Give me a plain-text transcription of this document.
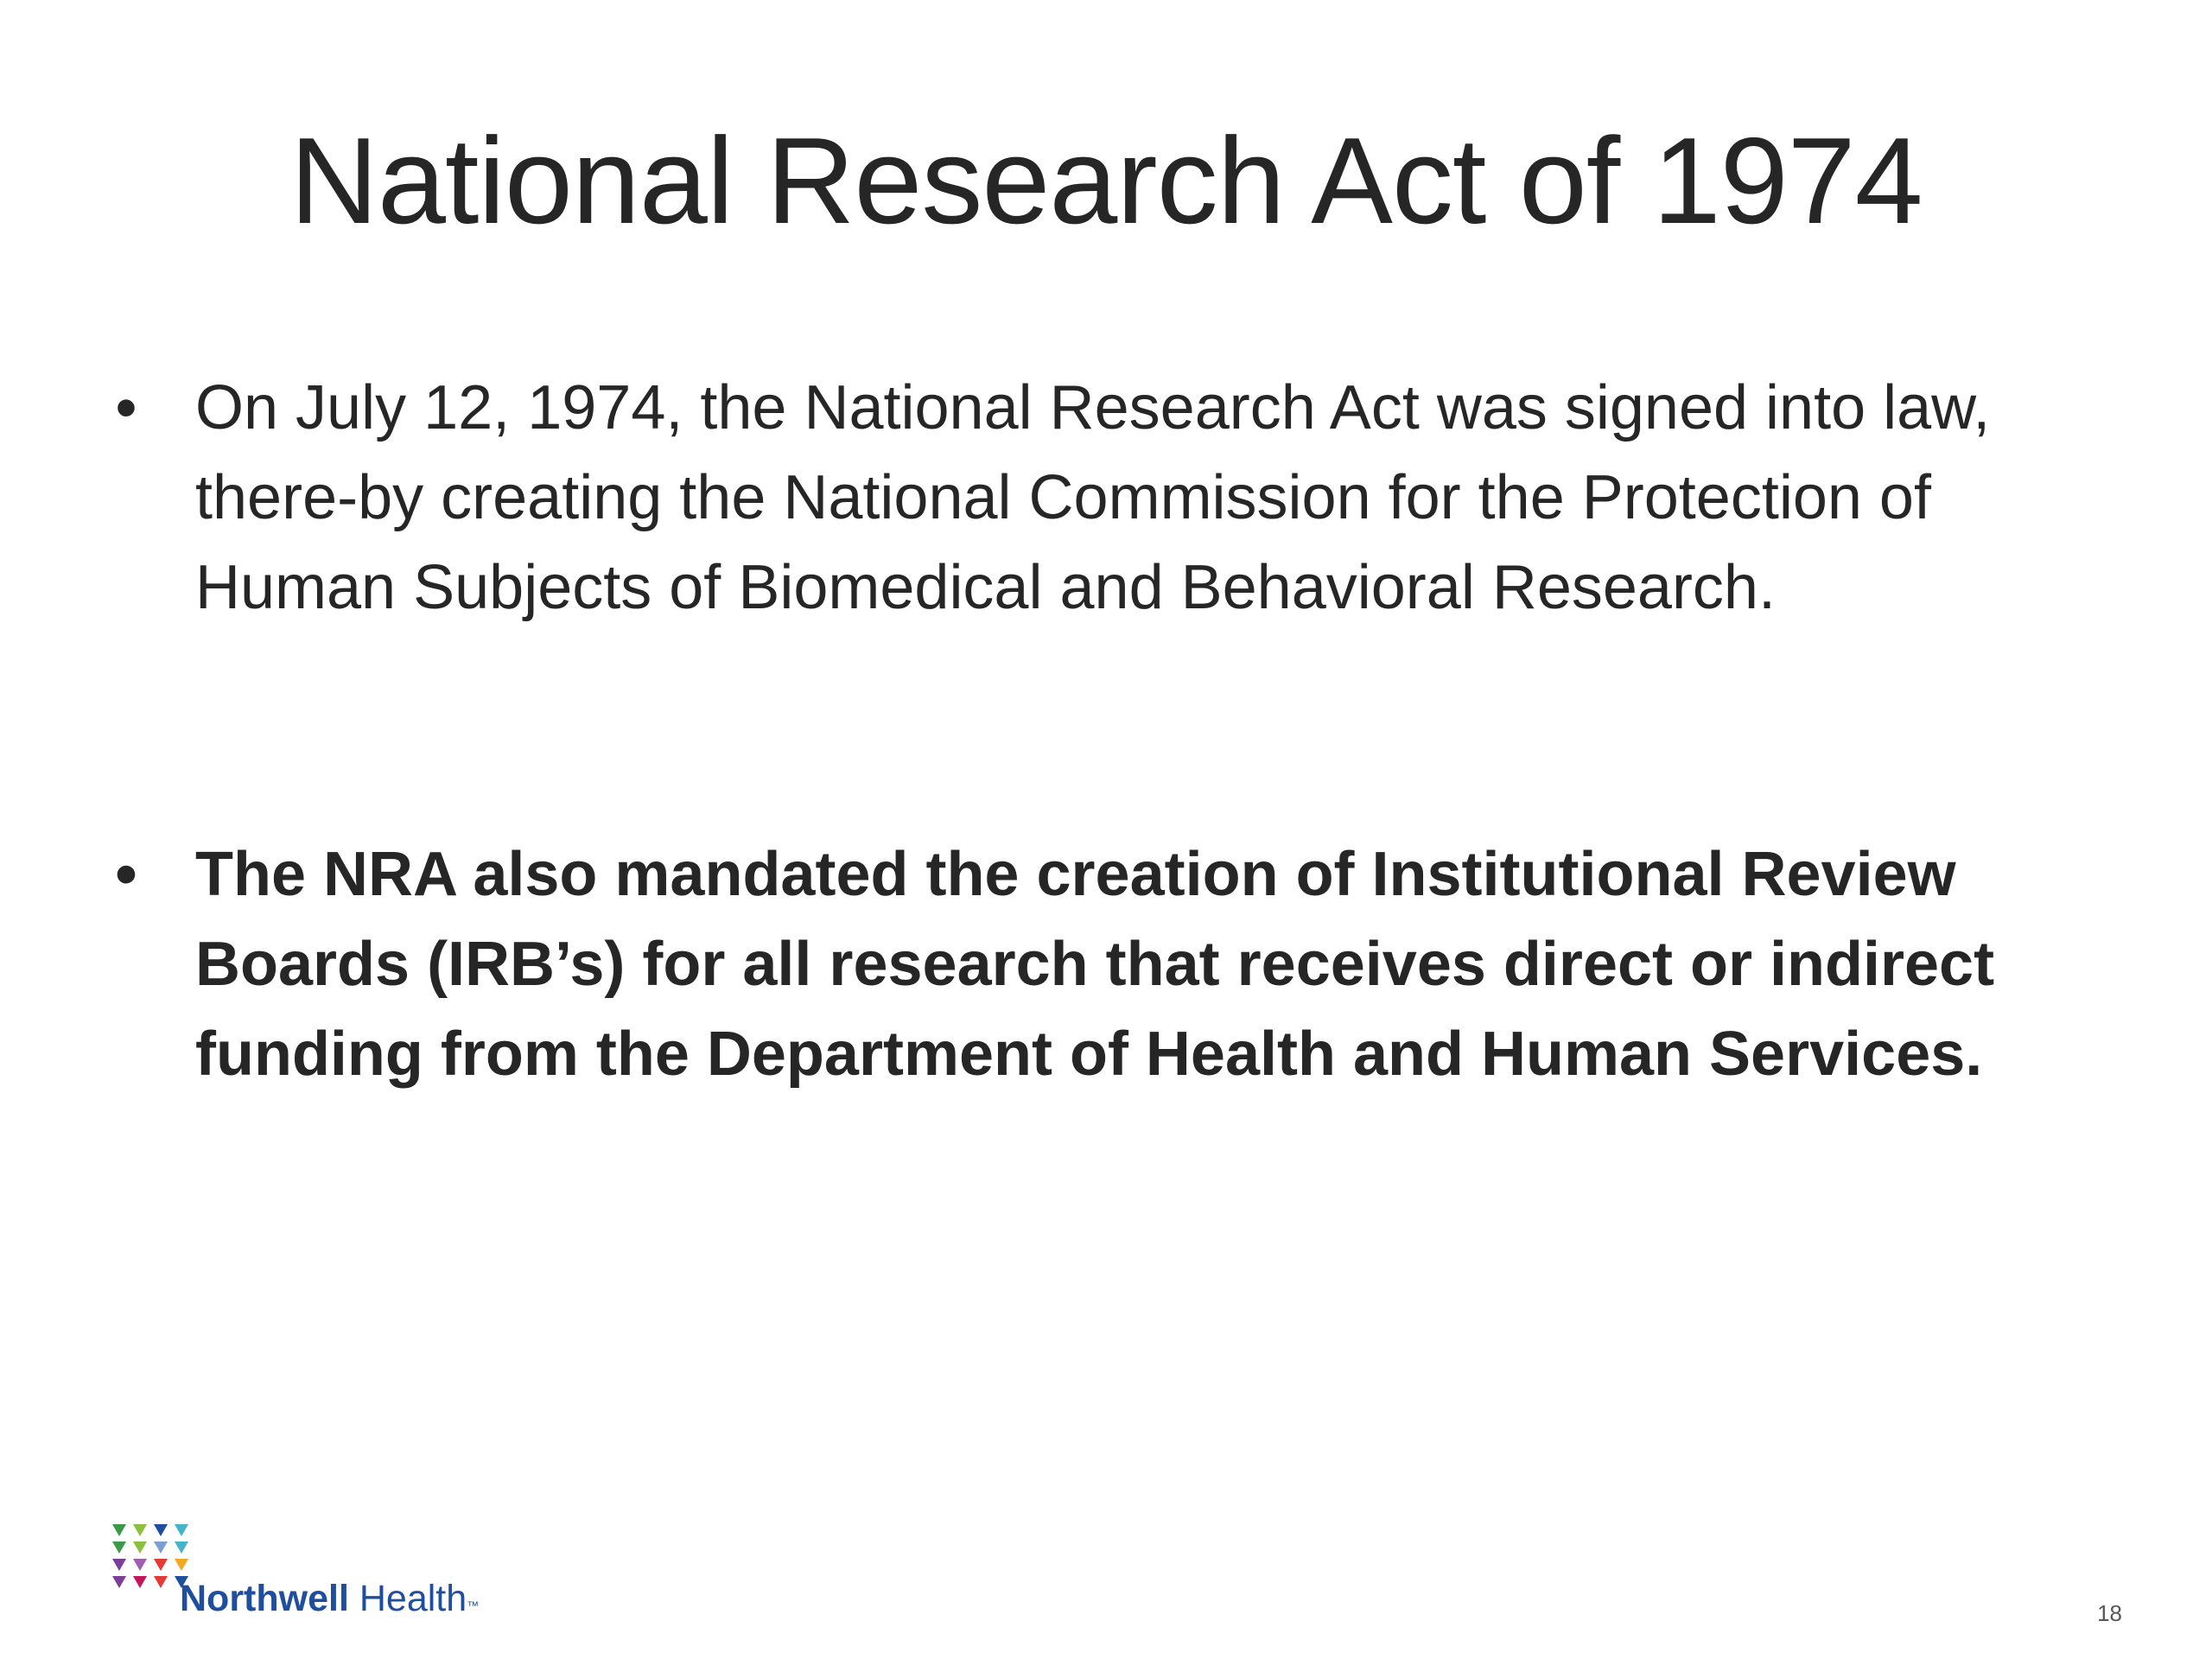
National Research Act of 1974
• On July 12, 1974, the National Research Act was signed into law, there-by creating the National Commission for the Protection of Human Subjects of Biomedical and Behavioral Research.
• The NRA also mandated the creation of Institutional Review Boards (IRB’s) for all research that receives direct or indirect funding from the Department of Health and Human Services.
Northwell Health™	18
